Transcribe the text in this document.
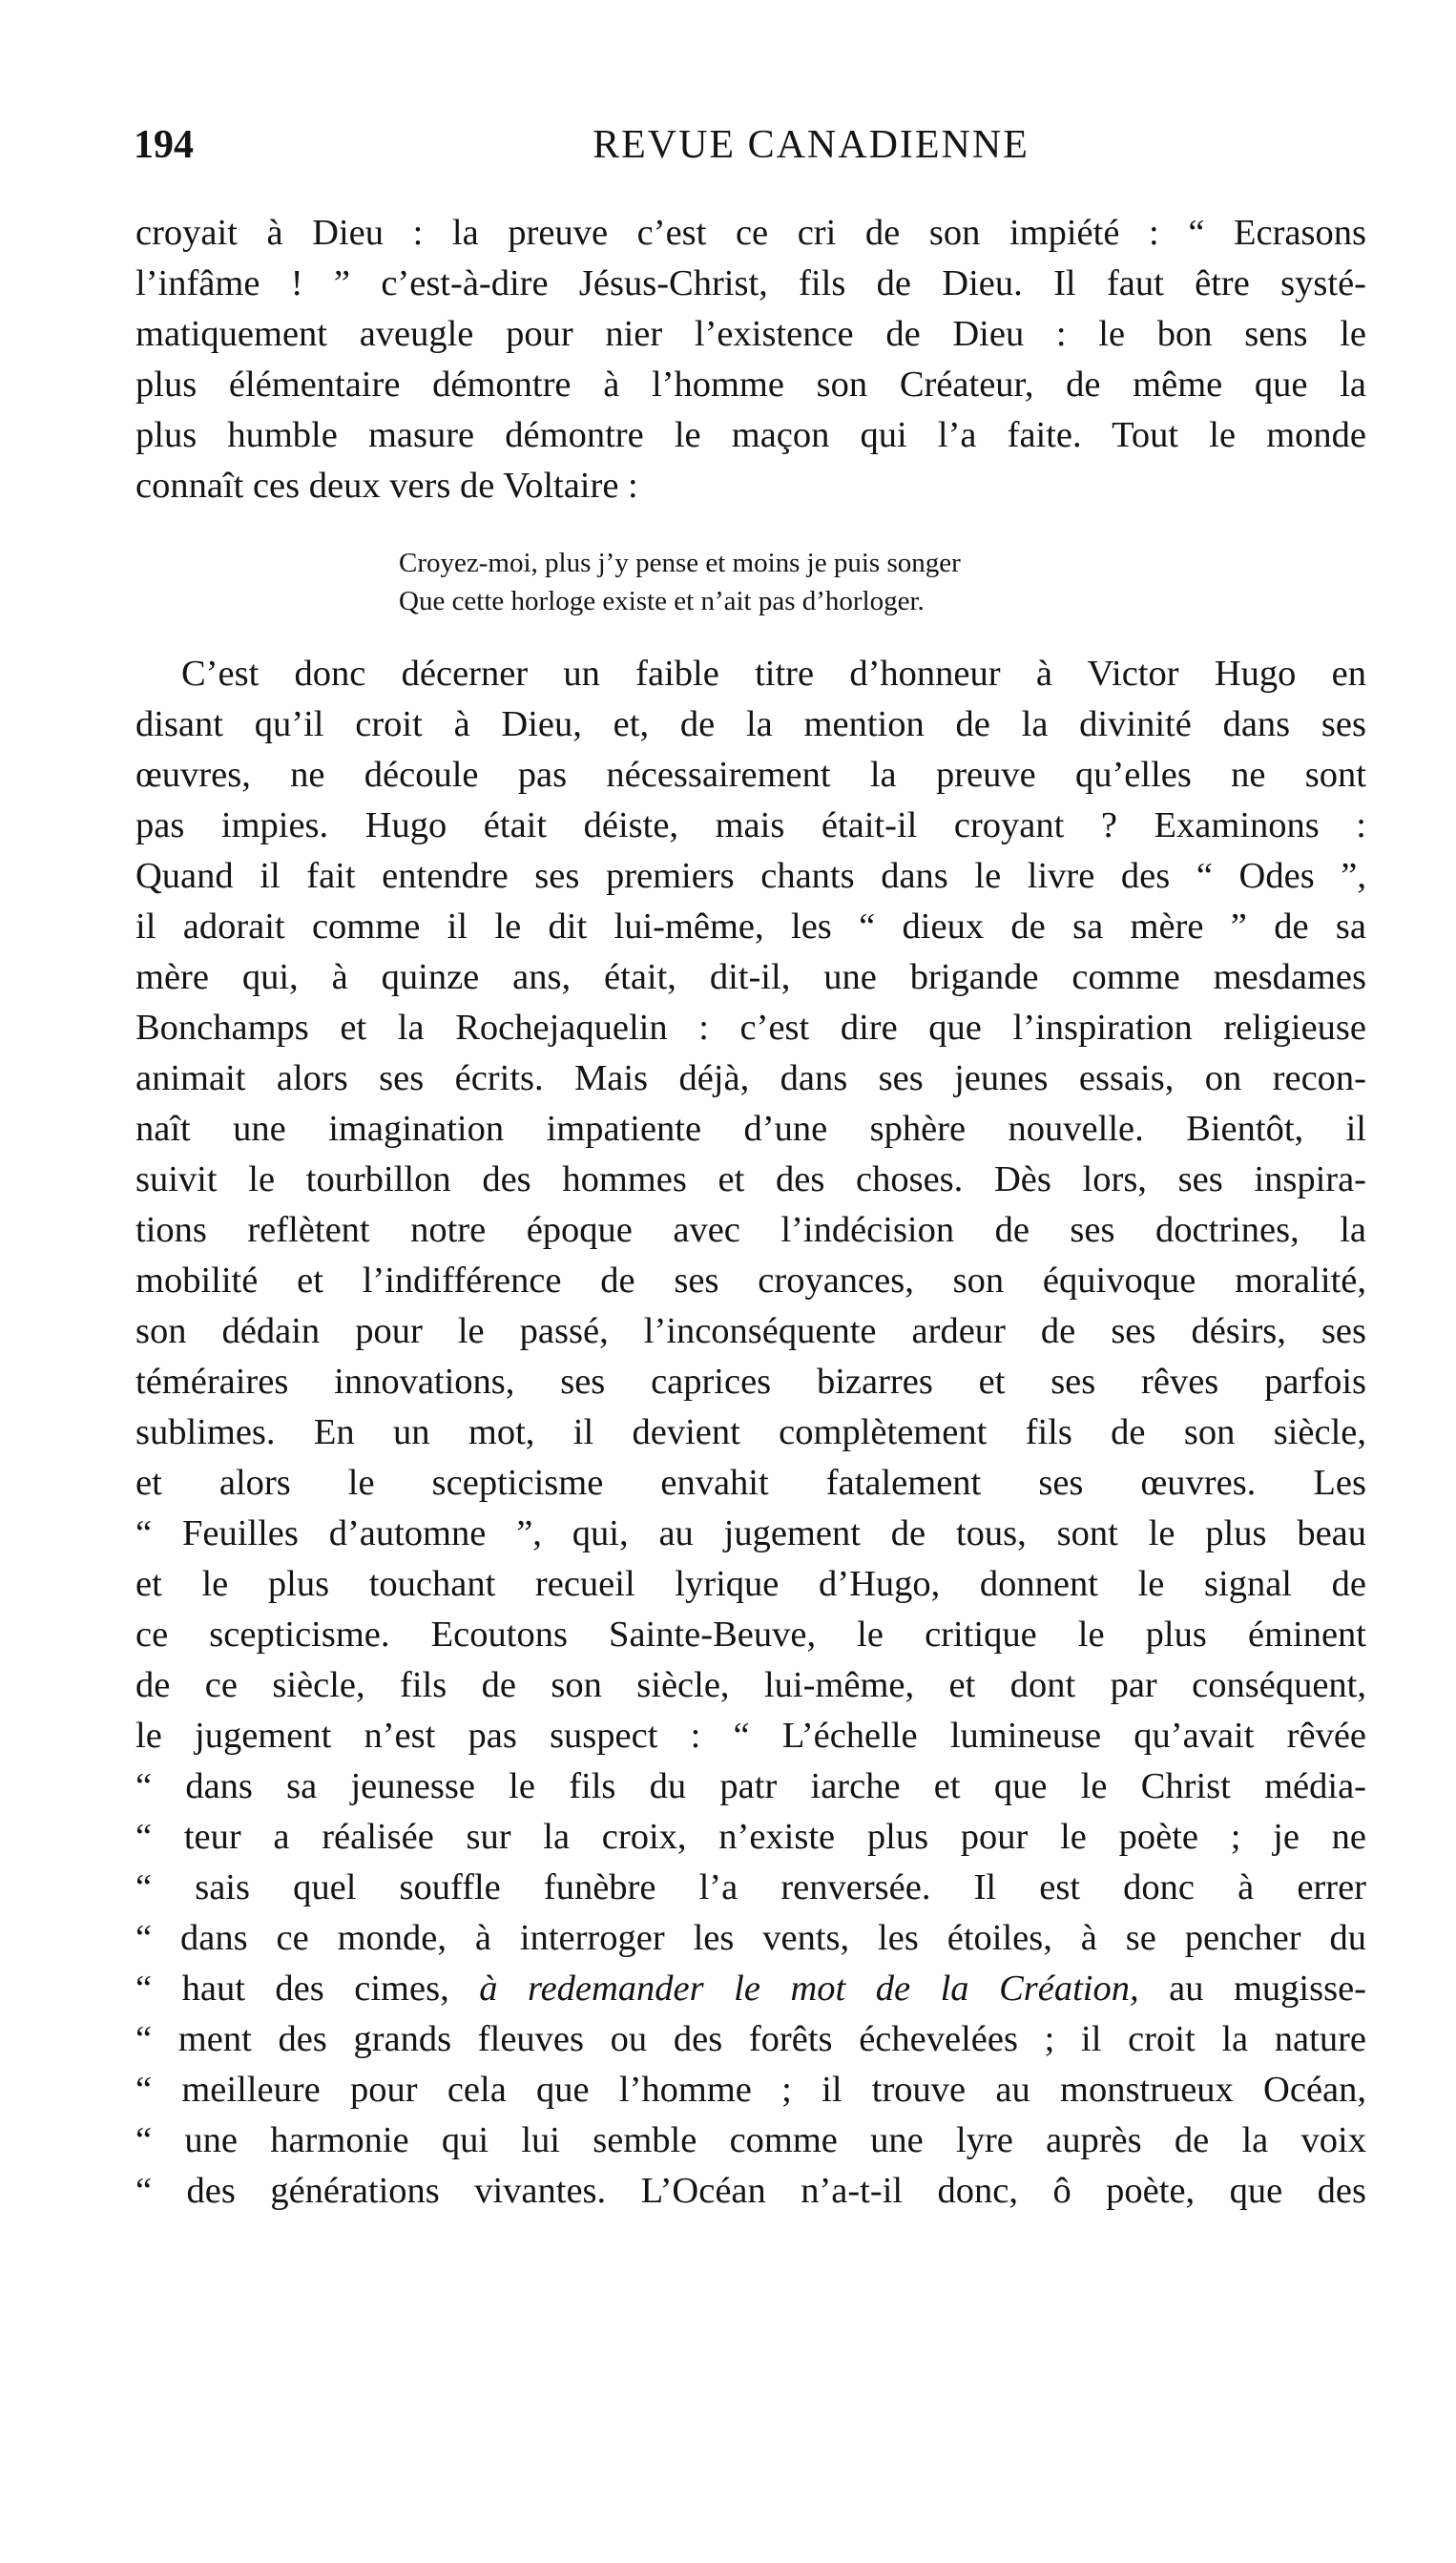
194	REVUE CANADIENNE
croyait à Dieu : la preuve c’est ce cri de son impiété : “ Ecrasons
l’infâme ! ” c’est-à-dire Jésus-Christ, fils de Dieu. Il faut être systé-
matiquement aveugle pour nier l’existence de Dieu : le bon sens le
plus élémentaire démontre à l’homme son Créateur, de même que la
plus humble masure démontre le maçon qui l’a faite. Tout le monde
connaît ces deux vers de Voltaire :
Croyez-moi, plus j’y pense et moins je puis songer
Que cette horloge existe et n’ait pas d’horloger.
C’est donc décerner un faible titre d’honneur à Victor Hugo en
disant qu’il croit à Dieu, et, de la mention de la divinité dans ses
œuvres, ne découle pas nécessairement la preuve qu’elles ne sont
pas impies. Hugo était déiste, mais était-il croyant ? Examinons :
Quand il fait entendre ses premiers chants dans le livre des “ Odes ”,
il adorait comme il le dit lui-même, les “ dieux de sa mère ” de sa
mère qui, à quinze ans, était, dit-il, une brigande comme mesdames
Bonchamps et la Rochejaquelin : c’est dire que l’inspiration religieuse
animait alors ses écrits. Mais déjà, dans ses jeunes essais, on recon-
naît une imagination impatiente d’une sphère nouvelle. Bientôt, il
suivit le tourbillon des hommes et des choses. Dès lors, ses inspira-
tions reflètent notre époque avec l’indécision de ses doctrines, la
mobilité et l’indifférence de ses croyances, son équivoque moralité,
son dédain pour le passé, l’inconséquente ardeur de ses désirs, ses
téméraires innovations, ses caprices bizarres et ses rêves parfois
sublimes. En un mot, il devient complètement fils de son siècle,
et alors le scepticisme envahit fatalement ses œuvres. Les
“ Feuilles d’automne ”, qui, au jugement de tous, sont le plus beau
et le plus touchant recueil lyrique d’Hugo, donnent le signal de
ce scepticisme. Ecoutons Sainte-Beuve, le critique le plus éminent
de ce siècle, fils de son siècle, lui-même, et dont par conséquent,
le jugement n’est pas suspect : “ L’échelle lumineuse qu’avait rêvée
“ dans sa jeunesse le fils du patr iarche et que le Christ média-
“ teur a réalisée sur la croix, n’existe plus pour le poète ; je ne
“ sais quel souffle funèbre l’a renversée. Il est donc à errer
“ dans ce monde, à interroger les vents, les étoiles, à se pencher du
“ haut des cimes, à redemander le mot de la Création, au mugisse-
“ ment des grands fleuves ou des forêts échevelées ; il croit la nature
“ meilleure pour cela que l’homme ; il trouve au monstrueux Océan,
“ une harmonie qui lui semble comme une lyre auprès de la voix
“ des générations vivantes. L’Océan n’a-t-il donc, ô poète, que des
